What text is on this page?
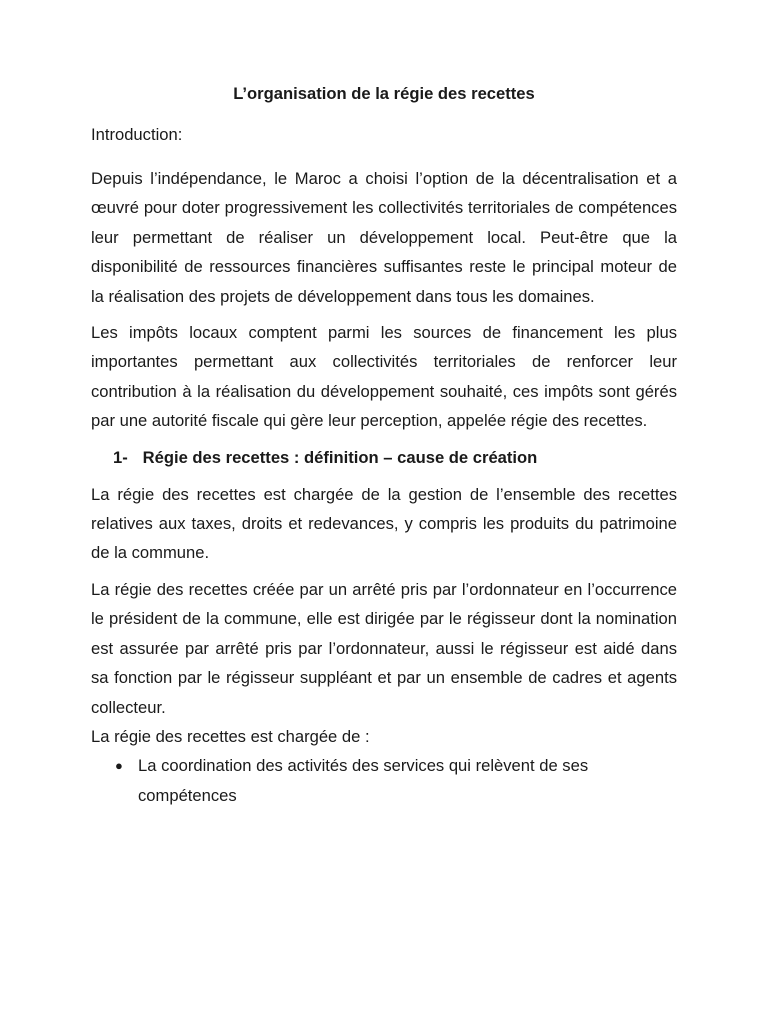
L’organisation de la régie des recettes

Introduction:

Depuis l’indépendance, le Maroc a choisi l’option de la décentralisation et a œuvré pour doter progressivement les collectivités territoriales de compétences leur permettant de réaliser un développement local. Peut-être que la disponibilité de ressources financières suffisantes reste le principal moteur de la réalisation des projets de développement dans tous les domaines.

Les impôts locaux comptent parmi les sources de financement les plus importantes permettant aux collectivités territoriales de renforcer leur contribution à la réalisation du développement souhaité, ces impôts sont gérés par une autorité fiscale qui gère leur perception, appelée régie des recettes.

1- Régie des recettes : définition – cause de création

La régie des recettes est chargée de la gestion de l’ensemble des recettes relatives aux taxes, droits et redevances, y compris les produits du patrimoine de la commune.

La régie des recettes créée par un arrêté pris par l’ordonnateur en l’occurrence le président de la commune, elle est dirigée par le régisseur dont la nomination est assurée par arrêté pris par l’ordonnateur, aussi le régisseur est aidé dans sa fonction par le régisseur suppléant et par un ensemble de cadres et agents collecteur.

La régie des recettes est chargée de :

● La coordination des activités des services qui relèvent de ses compétences
